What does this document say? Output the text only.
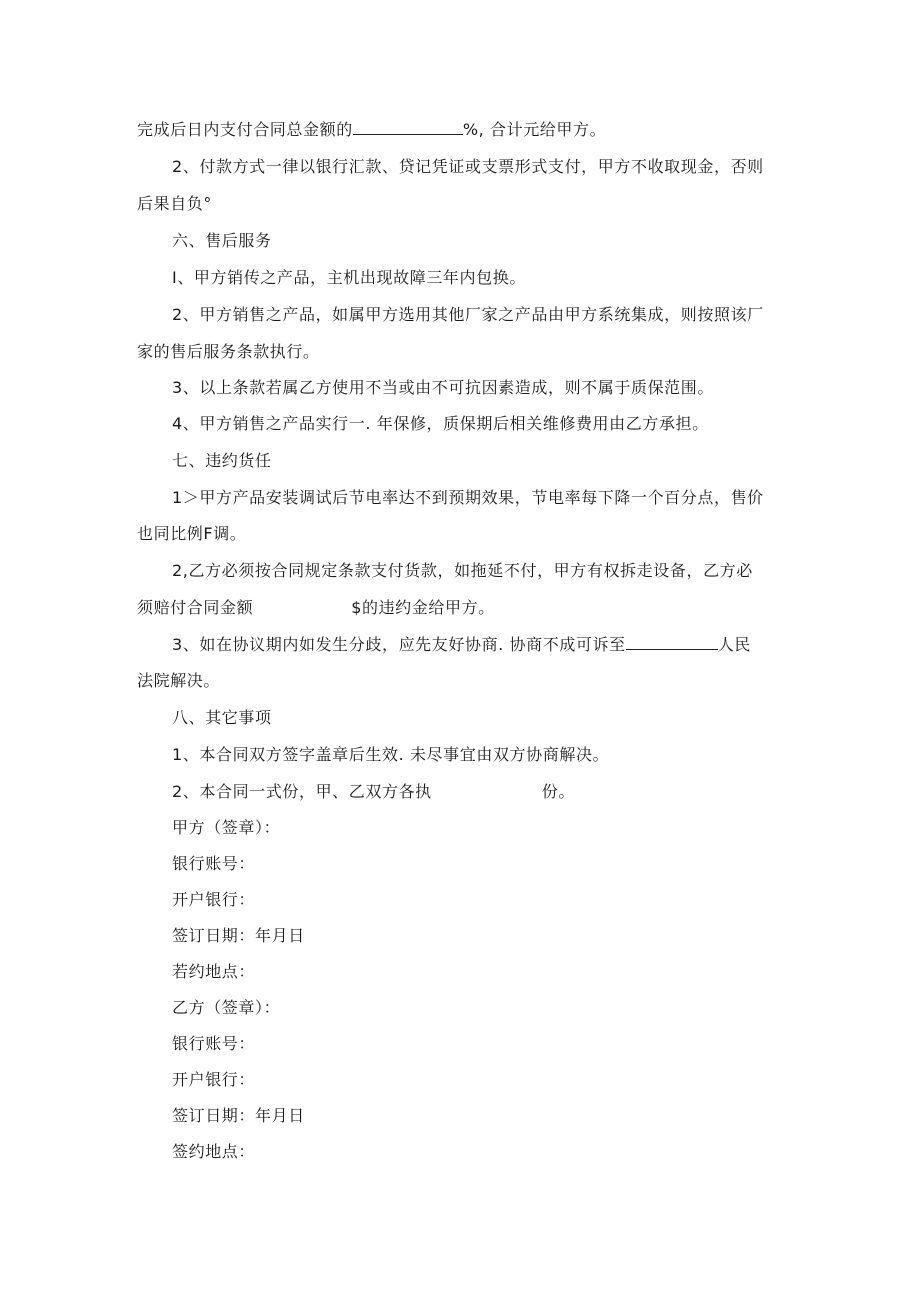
完成后日内支付合同总金额的	%, 合计元给甲方。
2、付款方式一律以银行汇款、贷记凭证或支票形式支付，甲方不收取现金，否则
后果自负°
六、售后服务
I、甲方销传之产品，主机出现故障三年内包换。
2、甲方销售之产品，如属甲方选用其他厂家之产品由甲方系统集成，则按照该厂
家的售后服务条款执行。
3、以上条款若属乙方使用不当或由不可抗因素造成，则不属于质保范围。
4、甲方销售之产品实行一. 年保修，质保期后相关维修费用由乙方承担。
七、违约货任
1＞甲方产品安装调试后节电率达不到预期效果，节电率每下降一个百分点，售价
也同比例F调。
2,乙方必须按合同规定条款支付货款，如拖延不付，甲方有权拆走设备，乙方必
须赔付合同金额	$的违约金给甲方。
3、如在协议期内如发生分歧，应先友好协商. 协商不成可诉至	人民
法院解决。
八、其它事项
1、本合同双方签字盖章后生效. 未尽事宜由双方协商解决。
2、本合同一式份，甲、乙双方各执	份。
甲方（签章）：
银行账号：
开户银行：
签订日期：年月日
若约地点：
乙方（签章）：
银行账号：
开户银行：
签订日期：年月日
签约地点：
